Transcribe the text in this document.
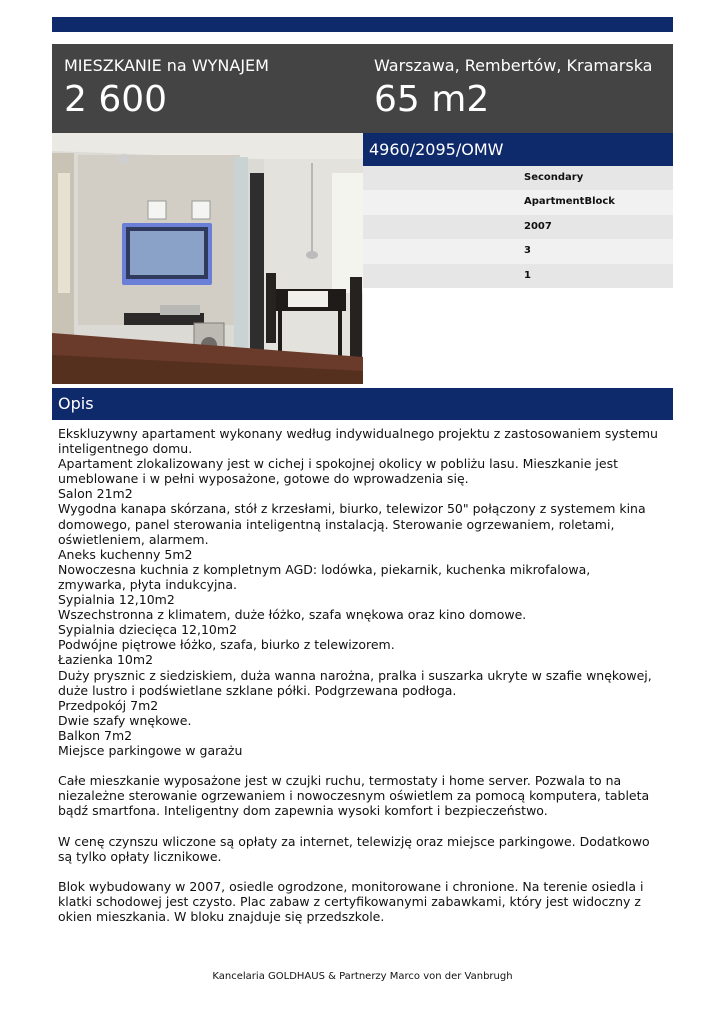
MIESZKANIE na WYNAJEM
2 600
Warszawa, Rembertów, Kramarska
65 m2
4960/2095/OMW
Secondary
ApartmentBlock
2007
3
1
Opis

Ekskluzywny apartament wykonany według indywidualnego projektu z zastosowaniem systemu inteligentnego domu.
Apartament zlokalizowany jest w cichej i spokojnej okolicy w pobliżu lasu. Mieszkanie jest umeblowane i w pełni wyposażone, gotowe do wprowadzenia się.
Salon 21m2
Wygodna kanapa skórzana, stół z krzesłami, biurko, telewizor 50" połączony z systemem kina domowego, panel sterowania inteligentną instalacją. Sterowanie ogrzewaniem, roletami, oświetleniem, alarmem.
Aneks kuchenny 5m2
Nowoczesna kuchnia z kompletnym AGD: lodówka, piekarnik, kuchenka mikrofalowa, zmywarka, płyta indukcyjna.
Sypialnia 12,10m2
Wszechstronna z klimatem, duże łóżko, szafa wnękowa oraz kino domowe.
Sypialnia dziecięca 12,10m2
Podwójne piętrowe łóżko, szafa, biurko z telewizorem.
Łazienka 10m2
Duży prysznic z siedziskiem, duża wanna narożna, pralka i suszarka ukryte w szafie wnękowej, duże lustro i podświetlane szklane półki. Podgrzewana podłoga.
Przedpokój 7m2
Dwie szafy wnękowe.
Balkon 7m2
Miejsce parkingowe w garażu

Całe mieszkanie wyposażone jest w czujki ruchu, termostaty i home server. Pozwala to na niezależne sterowanie ogrzewaniem i nowoczesnym oświetlem za pomocą komputera, tableta bądź smartfona. Inteligentny dom zapewnia wysoki komfort i bezpieczeństwo.

W cenę czynszu wliczone są opłaty za internet, telewizję oraz miejsce parkingowe. Dodatkowo są tylko opłaty licznikowe.

Blok wybudowany w 2007, osiedle ogrodzone, monitorowane i chronione. Na terenie osiedla i klatki schodowej jest czysto. Plac zabaw z certyfikowanymi zabawkami, który jest widoczny z okien mieszkania. W bloku znajduje się przedszkole.

Kancelaria GOLDHAUS & Partnerzy Marco von der Vanbrugh
